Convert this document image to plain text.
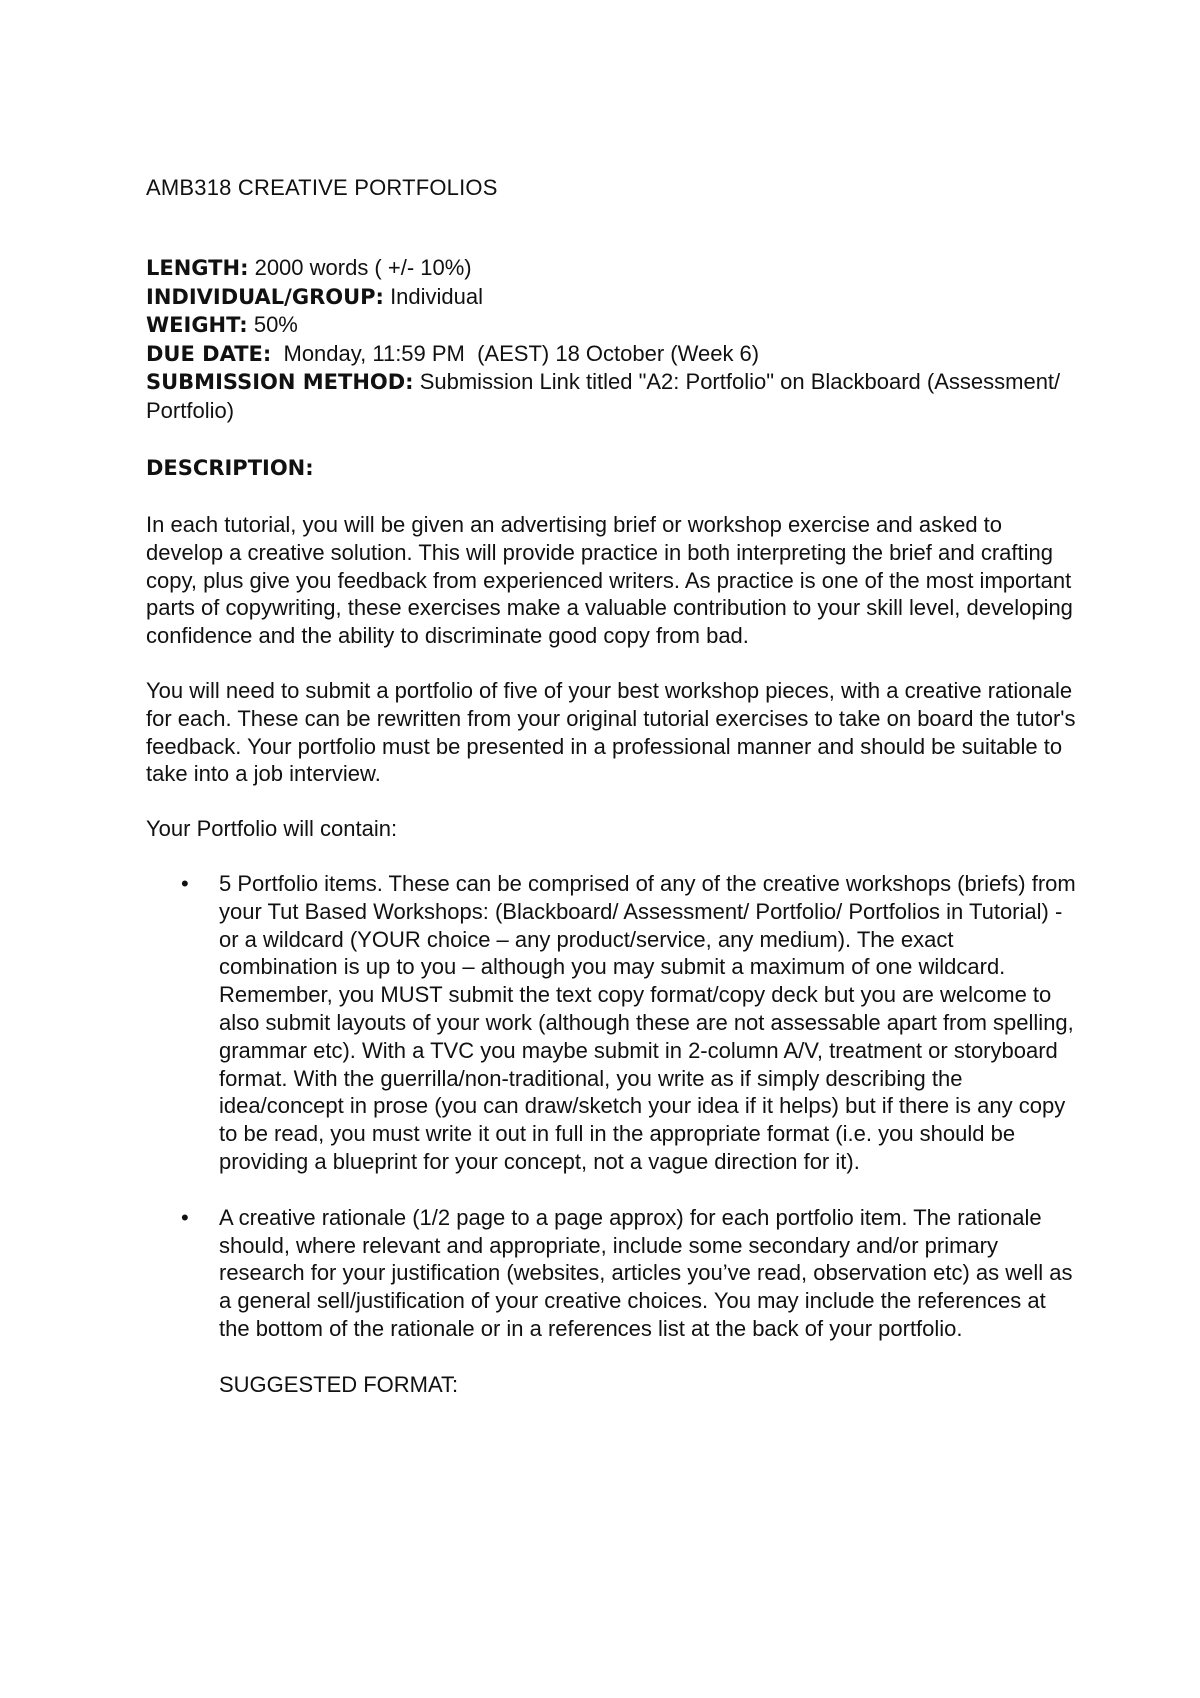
AMB318 CREATIVE PORTFOLIOS

LENGTH: 2000 words ( +/- 10%)

INDIVIDUAL/GROUP: Individual

WEIGHT: 50%

DUE DATE:  Monday, 11:59 PM  (AEST) 18 October (Week 6)

SUBMISSION METHOD: Submission Link titled "A2: Portfolio" on Blackboard (Assessment/ Portfolio)

DESCRIPTION:

In each tutorial, you will be given an advertising brief or workshop exercise and asked to develop a creative solution. This will provide practice in both interpreting the brief and crafting copy, plus give you feedback from experienced writers. As practice is one of the most important parts of copywriting, these exercises make a valuable contribution to your skill level, developing confidence and the ability to discriminate good copy from bad.

You will need to submit a portfolio of five of your best workshop pieces, with a creative rationale for each. These can be rewritten from your original tutorial exercises to take on board the tutor's feedback. Your portfolio must be presented in a professional manner and should be suitable to take into a job interview.

Your Portfolio will contain:

• 5 Portfolio items. These can be comprised of any of the creative workshops (briefs) from your Tut Based Workshops: (Blackboard/ Assessment/ Portfolio/ Portfolios in Tutorial) - or a wildcard (YOUR choice – any product/service, any medium). The exact combination is up to you – although you may submit a maximum of one wildcard. Remember, you MUST submit the text copy format/copy deck but you are welcome to also submit layouts of your work (although these are not assessable apart from spelling, grammar etc). With a TVC you maybe submit in 2-column A/V, treatment or storyboard format. With the guerrilla/non-traditional, you write as if simply describing the idea/concept in prose (you can draw/sketch your idea if it helps) but if there is any copy to be read, you must write it out in full in the appropriate format (i.e. you should be providing a blueprint for your concept, not a vague direction for it).
• A creative rationale (1/2 page to a page approx) for each portfolio item. The rationale should, where relevant and appropriate, include some secondary and/or primary research for your justification (websites, articles you’ve read, observation etc) as well as a general sell/justification of your creative choices. You may include the references at the bottom of the rationale or in a references list at the back of your portfolio.
SUGGESTED FORMAT:
